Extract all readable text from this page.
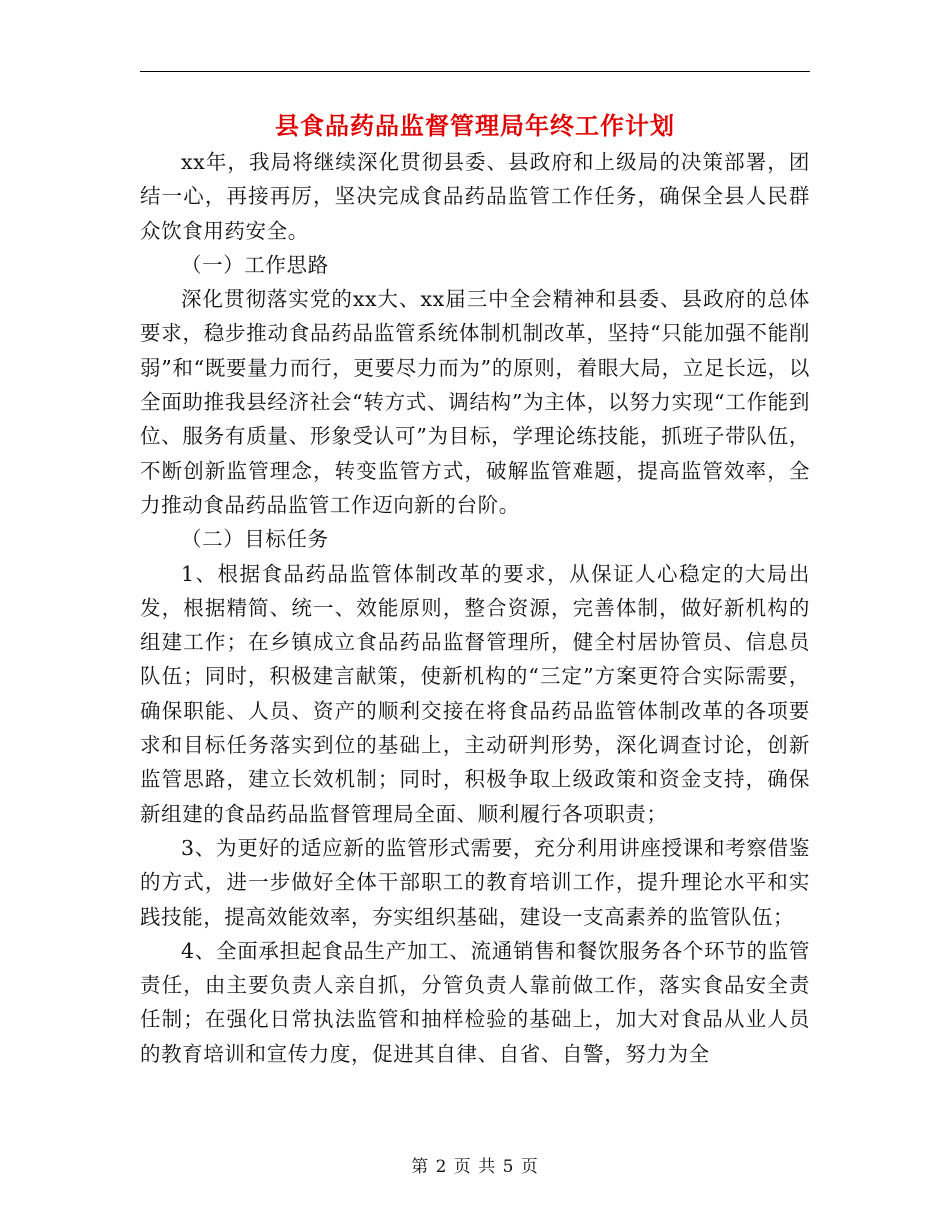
县食品药品监督管理局年终工作计划

xx年，我局将继续深化贯彻县委、县政府和上级局的决策部署，团结一心，再接再厉，坚决完成食品药品监管工作任务，确保全县人民群众饮食用药安全。

（一）工作思路

深化贯彻落实党的xx大、xx届三中全会精神和县委、县政府的总体要求，稳步推动食品药品监管系统体制机制改革，坚持“只能加强不能削弱”和“既要量力而行，更要尽力而为”的原则，着眼大局，立足长远，以全面助推我县经济社会“转方式、调结构”为主体，以努力实现“工作能到位、服务有质量、形象受认可”为目标，学理论练技能，抓班子带队伍，不断创新监管理念，转变监管方式，破解监管难题，提高监管效率，全力推动食品药品监管工作迈向新的台阶。

（二）目标任务

1、根据食品药品监管体制改革的要求，从保证人心稳定的大局出发，根据精简、统一、效能原则，整合资源，完善体制，做好新机构的组建工作；在乡镇成立食品药品监督管理所，健全村居协管员、信息员队伍；同时，积极建言献策，使新机构的“三定”方案更符合实际需要，确保职能、人员、资产的顺利交接在将食品药品监管体制改革的各项要求和目标任务落实到位的基础上，主动研判形势，深化调查讨论，创新监管思路，建立长效机制；同时，积极争取上级政策和资金支持，确保新组建的食品药品监督管理局全面、顺利履行各项职责；

3、为更好的适应新的监管形式需要，充分利用讲座授课和考察借鉴的方式，进一步做好全体干部职工的教育培训工作，提升理论水平和实践技能，提高效能效率，夯实组织基础，建设一支高素养的监管队伍；

4、全面承担起食品生产加工、流通销售和餐饮服务各个环节的监管责任，由主要负责人亲自抓，分管负责人靠前做工作，落实食品安全责任制；在强化日常执法监管和抽样检验的基础上，加大对食品从业人员的教育培训和宣传力度，促进其自律、自省、自警，努力为全

第 2 页 共 5 页
